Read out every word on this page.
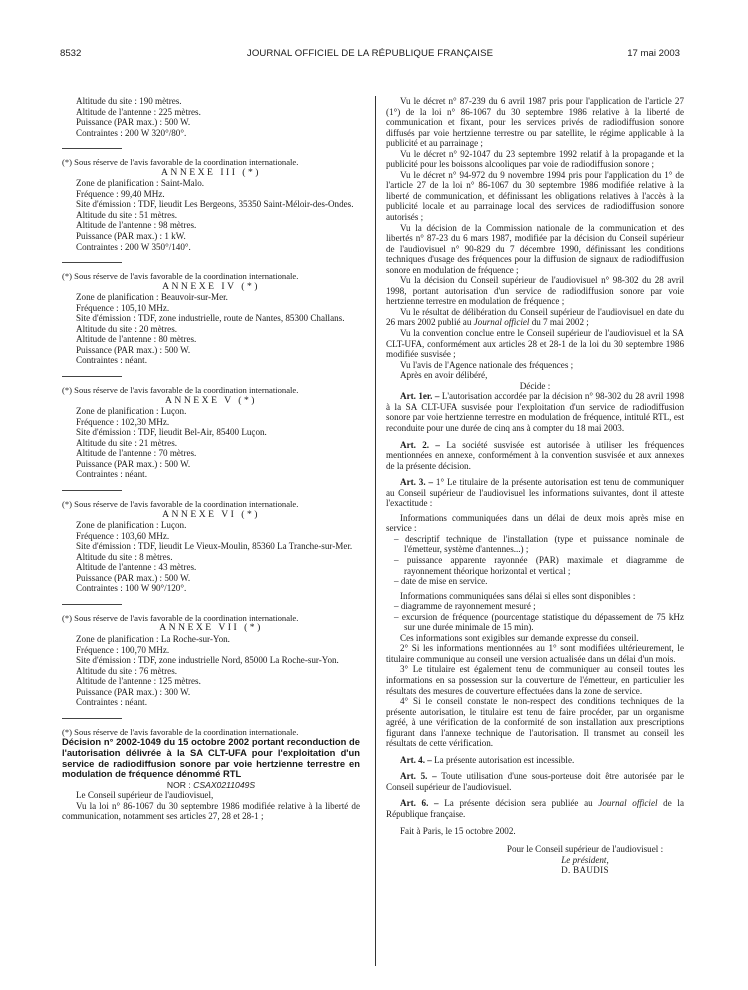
8532	JOURNAL OFFICIEL DE LA RÉPUBLIQUE FRANÇAISE	17 mai 2003

Altitude du site : 190 mètres.

Altitude de l'antenne : 225 mètres.

Puissance (PAR max.) : 500 W.

Contraintes : 200 W 320°/80°.

(*) Sous réserve de l'avis favorable de la coordination internationale.

ANNEXE III (*)

Zone de planification : Saint-Malo.

Fréquence : 99,40 MHz.

Site d'émission : TDF, lieudit Les Bergeons, 35350 Saint-Méloir-des-Ondes.

Altitude du site : 51 mètres.

Altitude de l'antenne : 98 mètres.

Puissance (PAR max.) : 1 kW.

Contraintes : 200 W 350°/140°.

(*) Sous réserve de l'avis favorable de la coordination internationale.

ANNEXE IV (*)

Zone de planification : Beauvoir-sur-Mer.

Fréquence : 105,10 MHz.

Site d'émission : TDF, zone industrielle, route de Nantes, 85300 Challans.

Altitude du site : 20 mètres.

Altitude de l'antenne : 80 mètres.

Puissance (PAR max.) : 500 W.

Contraintes : néant.

(*) Sous réserve de l'avis favorable de la coordination internationale.

ANNEXE V (*)

Zone de planification : Luçon.

Fréquence : 102,30 MHz.

Site d'émission : TDF, lieudit Bel-Air, 85400 Luçon.

Altitude du site : 21 mètres.

Altitude de l'antenne : 70 mètres.

Puissance (PAR max.) : 500 W.

Contraintes : néant.

(*) Sous réserve de l'avis favorable de la coordination internationale.

ANNEXE VI (*)

Zone de planification : Luçon.

Fréquence : 103,60 MHz.

Site d'émission : TDF, lieudit Le Vieux-Moulin, 85360 La Tranche-sur-Mer.

Altitude du site : 8 mètres.

Altitude de l'antenne : 43 mètres.

Puissance (PAR max.) : 500 W.

Contraintes : 100 W 90°/120°.

(*) Sous réserve de l'avis favorable de la coordination internationale.

ANNEXE VII (*)

Zone de planification : La Roche-sur-Yon.

Fréquence : 100,70 MHz.

Site d'émission : TDF, zone industrielle Nord, 85000 La Roche-sur-Yon.

Altitude du site : 76 mètres.

Altitude de l'antenne : 125 mètres.

Puissance (PAR max.) : 300 W.

Contraintes : néant.

(*) Sous réserve de l'avis favorable de la coordination internationale.

Décision n° 2002-1049 du 15 octobre 2002 portant reconduction de l'autorisation délivrée à la SA CLT-UFA pour l'exploitation d'un service de radiodiffusion sonore par voie hertzienne terrestre en modulation de fréquence dénommé RTL

NOR : CSAX0211049S

Le Conseil supérieur de l'audiovisuel,

Vu la loi n° 86-1067 du 30 septembre 1986 modifiée relative à la liberté de communication, notamment ses articles 27, 28 et 28-1 ;

Vu le décret n° 87-239 du 6 avril 1987 pris pour l'application de l'article 27 (1°) de la loi n° 86-1067 du 30 septembre 1986 relative à la liberté de communication et fixant, pour les services privés de radiodiffusion sonore diffusés par voie hertzienne terrestre ou par satellite, le régime applicable à la publicité et au parrainage ;

Vu le décret n° 92-1047 du 23 septembre 1992 relatif à la propagande et la publicité pour les boissons alcooliques par voie de radiodiffusion sonore ;

Vu le décret n° 94-972 du 9 novembre 1994 pris pour l'application du 1° de l'article 27 de la loi n° 86-1067 du 30 septembre 1986 modifiée relative à la liberté de communication, et définissant les obligations relatives à l'accès à la publicité locale et au parrainage local des services de radiodiffusion sonore autorisés ;

Vu la décision de la Commission nationale de la communication et des libertés n° 87-23 du 6 mars 1987, modifiée par la décision du Conseil supérieur de l'audiovisuel n° 90-829 du 7 décembre 1990, définissant les conditions techniques d'usage des fréquences pour la diffusion de signaux de radiodiffusion sonore en modulation de fréquence ;

Vu la décision du Conseil supérieur de l'audiovisuel n° 98-302 du 28 avril 1998, portant autorisation d'un service de radiodiffusion sonore par voie hertzienne terrestre en modulation de fréquence ;

Vu le résultat de délibération du Conseil supérieur de l'audiovisuel en date du 26 mars 2002 publié au Journal officiel du 7 mai 2002 ;

Vu la convention conclue entre le Conseil supérieur de l'audiovisuel et la SA CLT-UFA, conformément aux articles 28 et 28-1 de la loi du 30 septembre 1986 modifiée susvisée ;

Vu l'avis de l'Agence nationale des fréquences ;

Après en avoir délibéré,

Décide :

Art. 1er. – L'autorisation accordée par la décision n° 98-302 du 28 avril 1998 à la SA CLT-UFA susvisée pour l'exploitation d'un service de radiodiffusion sonore par voie hertzienne terrestre en modulation de fréquence, intitulé RTL, est reconduite pour une durée de cinq ans à compter du 18 mai 2003.

Art. 2. – La société susvisée est autorisée à utiliser les fréquences mentionnées en annexe, conformément à la convention susvisée et aux annexes de la présente décision.

Art. 3. – 1° Le titulaire de la présente autorisation est tenu de communiquer au Conseil supérieur de l'audiovisuel les informations suivantes, dont il atteste l'exactitude :

Informations communiquées dans un délai de deux mois après mise en service :

– descriptif technique de l'installation (type et puissance nominale de l'émetteur, système d'antennes...) ;
– puissance apparente rayonnée (PAR) maximale et diagramme de rayonnement théorique horizontal et vertical ;
– date de mise en service.

Informations communiquées sans délai si elles sont disponibles :

– diagramme de rayonnement mesuré ;
– excursion de fréquence (pourcentage statistique du dépassement de 75 kHz sur une durée minimale de 15 min).

Ces informations sont exigibles sur demande expresse du conseil.

2° Si les informations mentionnées au 1° sont modifiées ultérieurement, le titulaire communique au conseil une version actualisée dans un délai d'un mois.

3° Le titulaire est également tenu de communiquer au conseil toutes les informations en sa possession sur la couverture de l'émetteur, en particulier les résultats des mesures de couverture effectuées dans la zone de service.

4° Si le conseil constate le non-respect des conditions techniques de la présente autorisation, le titulaire est tenu de faire procéder, par un organisme agréé, à une vérification de la conformité de son installation aux prescriptions figurant dans l'annexe technique de l'autorisation. Il transmet au conseil les résultats de cette vérification.

Art. 4. – La présente autorisation est incessible.

Art. 5. – Toute utilisation d'une sous-porteuse doit être autorisée par le Conseil supérieur de l'audiovisuel.

Art. 6. – La présente décision sera publiée au Journal officiel de la République française.

Fait à Paris, le 15 octobre 2002.

Pour le Conseil supérieur de l'audiovisuel :

Le président,

D. BAUDIS
